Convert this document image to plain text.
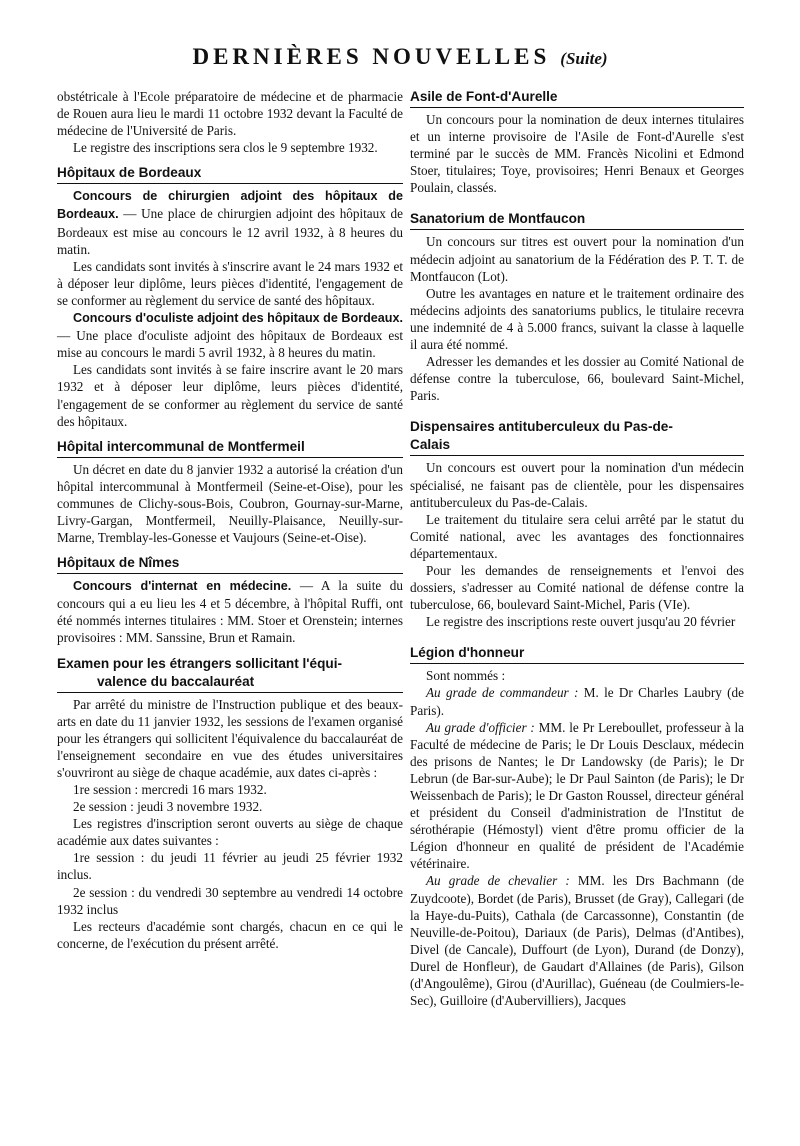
DERNIÈRES NOUVELLES (Suite)

obstétricale à l'Ecole préparatoire de médecine et de pharmacie de Rouen aura lieu le mardi 11 octobre 1932 devant la Faculté de médecine de l'Université de Paris.

Le registre des inscriptions sera clos le 9 septembre 1932.

Hôpitaux de Bordeaux

Concours de chirurgien adjoint des hôpitaux de Bordeaux. — Une place de chirurgien adjoint des hôpitaux de Bordeaux est mise au concours le 12 avril 1932, à 8 heures du matin.

Les candidats sont invités à s'inscrire avant le 24 mars 1932 et à déposer leur diplôme, leurs pièces d'identité, l'engagement de se conformer au règlement du service de santé des hôpitaux.

Concours d'oculiste adjoint des hôpitaux de Bordeaux. — Une place d'oculiste adjoint des hôpitaux de Bordeaux est mise au concours le mardi 5 avril 1932, à 8 heures du matin.

Les candidats sont invités à se faire inscrire avant le 20 mars 1932 et à déposer leur diplôme, leurs pièces d'identité, l'engagement de se conformer au règlement du service de santé des hôpitaux.

Hôpital intercommunal de Montfermeil

Un décret en date du 8 janvier 1932 a autorisé la création d'un hôpital intercommunal à Montfermeil (Seine-et-Oise), pour les communes de Clichy-sous-Bois, Coubron, Gournay-sur-Marne, Livry-Gargan, Montfermeil, Neuilly-Plaisance, Neuilly-sur-Marne, Tremblay-les-Gonesse et Vaujours (Seine-et-Oise).

Hôpitaux de Nîmes

Concours d'internat en médecine. — A la suite du concours qui a eu lieu les 4 et 5 décembre, à l'hôpital Ruffi, ont été nommés internes titulaires : MM. Stoer et Orenstein; internes provisoires : MM. Sanssine, Brun et Ramain.

Examen pour les étrangers sollicitant l'équi-
valence du baccalauréat

Par arrêté du ministre de l'Instruction publique et des beaux-arts en date du 11 janvier 1932, les sessions de l'examen organisé pour les étrangers qui sollicitent l'équivalence du baccalauréat de l'enseignement secondaire en vue des études universitaires s'ouvriront au siège de chaque académie, aux dates ci-après :

1re session : mercredi 16 mars 1932.

2e session : jeudi 3 novembre 1932.

Les registres d'inscription seront ouverts au siège de chaque académie aux dates suivantes :

1re session : du jeudi 11 février au jeudi 25 février 1932 inclus.

2e session : du vendredi 30 septembre au vendredi 14 octobre 1932 inclus

Les recteurs d'académie sont chargés, chacun en ce qui le concerne, de l'exécution du présent arrêté.

Asile de Font-d'Aurelle

Un concours pour la nomination de deux internes titulaires et un interne provisoire de l'Asile de Font-d'Aurelle s'est terminé par le succès de MM. Francès Nicolini et Edmond Stoer, titulaires; Toye, provisoires; Henri Benaux et Georges Poulain, classés.

Sanatorium de Montfaucon

Un concours sur titres est ouvert pour la nomination d'un médecin adjoint au sanatorium de la Fédération des P. T. T. de Montfaucon (Lot).

Outre les avantages en nature et le traitement ordinaire des médecins adjoints des sanatoriums publics, le titulaire recevra une indemnité de 4 à 5.000 francs, suivant la classe à laquelle il aura été nommé.

Adresser les demandes et les dossier au Comité National de défense contre la tuberculose, 66, boulevard Saint-Michel, Paris.

Dispensaires antituberculeux du Pas-de-
Calais

Un concours est ouvert pour la nomination d'un médecin spécialisé, ne faisant pas de clientèle, pour les dispensaires antituberculeux du Pas-de-Calais.

Le traitement du titulaire sera celui arrêté par le statut du Comité national, avec les avantages des fonctionnaires départementaux.

Pour les demandes de renseignements et l'envoi des dossiers, s'adresser au Comité national de défense contre la tuberculose, 66, boulevard Saint-Michel, Paris (VIe).

Le registre des inscriptions reste ouvert jusqu'au 20 février

Légion d'honneur

Sont nommés :

Au grade de commandeur : M. le Dr Charles Laubry (de Paris).

Au grade d'officier : MM. le Pr Lereboullet, professeur à la Faculté de médecine de Paris; le Dr Louis Desclaux, médecin des prisons de Nantes; le Dr Landowsky (de Paris); le Dr Lebrun (de Bar-sur-Aube); le Dr Paul Sainton (de Paris); le Dr Weissenbach de Paris); le Dr Gaston Roussel, directeur général et président du Conseil d'administration de l'Institut de sérothérapie (Hémostyl) vient d'être promu officier de la Légion d'honneur en qualité de président de l'Académie vétérinaire.

Au grade de chevalier : MM. les Drs Bachmann (de Zuydcoote), Bordet (de Paris), Brusset (de Gray), Callegari (de la Haye-du-Puits), Cathala (de Carcassonne), Constantin (de Neuville-de-Poitou), Dariaux (de Paris), Delmas (d'Antibes), Divel (de Cancale), Duffourt (de Lyon), Durand (de Donzy), Durel de Honfleur), de Gaudart d'Allaines (de Paris), Gilson (d'Angoulême), Girou (d'Aurillac), Guéneau (de Coulmiers-le-Sec), Guilloire (d'Aubervilliers), Jacques
